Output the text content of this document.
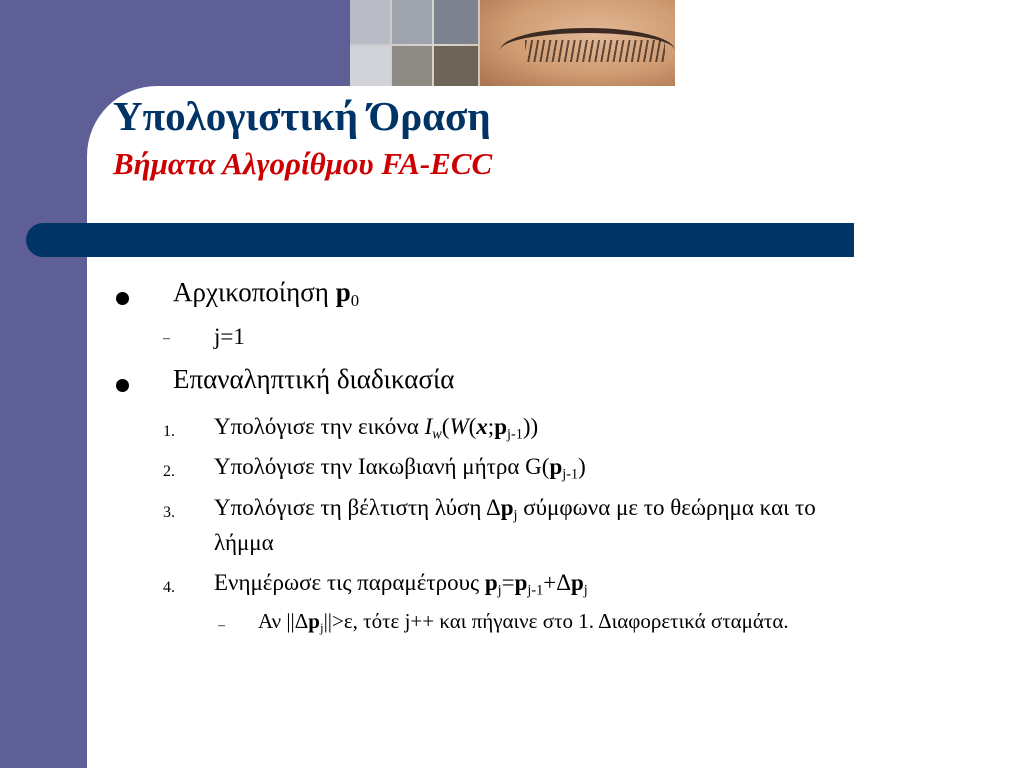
Υπολογιστική Όραση
Βήματα Αλγορίθμου FA-ECC
Αρχικοποίηση $p_0$
– j=1
Επαναληπτική διαδικασία
1. Υπολόγισε την εικόνα $I_w(W(x;p_{j-1}))$
2. Υπολόγισε την Ιακωβιανή μήτρα $G(p_{j-1})$
3. Υπολόγισε τη βέλτιστη λύση $\Delta p_j$ σύμφωνα με το θεώρημα και το
λήμμα
4. Ενημέρωσε τις παραμέτρους $p_j=p_{j-1}+\Delta p_j$
– Αν $||\Delta p_j||>\varepsilon$, τότε j++ και πήγαινε στο 1. Διαφορετικά σταμάτα.
